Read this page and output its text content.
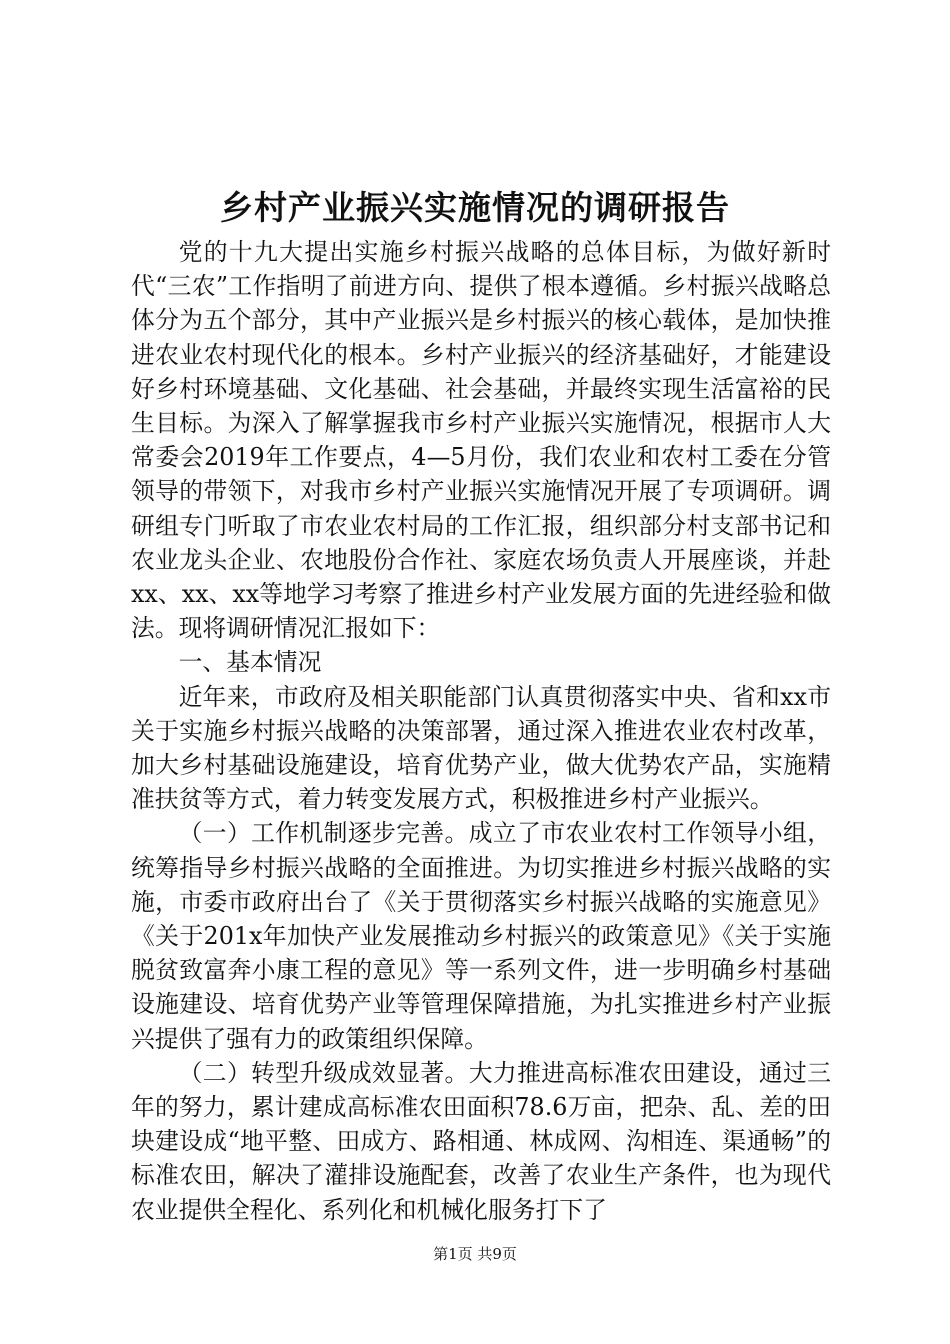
乡村产业振兴实施情况的调研报告

党的十九大提出实施乡村振兴战略的总体目标，为做好新时代“三农”工作指明了前进方向、提供了根本遵循。乡村振兴战略总体分为五个部分，其中产业振兴是乡村振兴的核心载体，是加快推进农业农村现代化的根本。乡村产业振兴的经济基础好，才能建设好乡村环境基础、文化基础、社会基础，并最终实现生活富裕的民生目标。为深入了解掌握我市乡村产业振兴实施情况，根据市人大常委会2019年工作要点，4—5月份，我们农业和农村工委在分管领导的带领下，对我市乡村产业振兴实施情况开展了专项调研。调研组专门听取了市农业农村局的工作汇报，组织部分村支部书记和农业龙头企业、农地股份合作社、家庭农场负责人开展座谈，并赴xx、xx、xx等地学习考察了推进乡村产业发展方面的先进经验和做法。现将调研情况汇报如下：

一、基本情况

近年来，市政府及相关职能部门认真贯彻落实中央、省和xx市关于实施乡村振兴战略的决策部署，通过深入推进农业农村改革，加大乡村基础设施建设，培育优势产业，做大优势农产品，实施精准扶贫等方式，着力转变发展方式，积极推进乡村产业振兴。

（一）工作机制逐步完善。成立了市农业农村工作领导小组，统筹指导乡村振兴战略的全面推进。为切实推进乡村振兴战略的实施，市委市政府出台了《关于贯彻落实乡村振兴战略的实施意见》《关于201x年加快产业发展推动乡村振兴的政策意见》《关于实施脱贫致富奔小康工程的意见》等一系列文件，进一步明确乡村基础设施建设、培育优势产业等管理保障措施，为扎实推进乡村产业振兴提供了强有力的政策组织保障。

（二）转型升级成效显著。大力推进高标准农田建设，通过三年的努力，累计建成高标准农田面积78.6万亩，把杂、乱、差的田块建设成“地平整、田成方、路相通、林成网、沟相连、渠通畅”的标准农田，解决了灌排设施配套，改善了农业生产条件，也为现代农业提供全程化、系列化和机械化服务打下了

第1页 共9页
